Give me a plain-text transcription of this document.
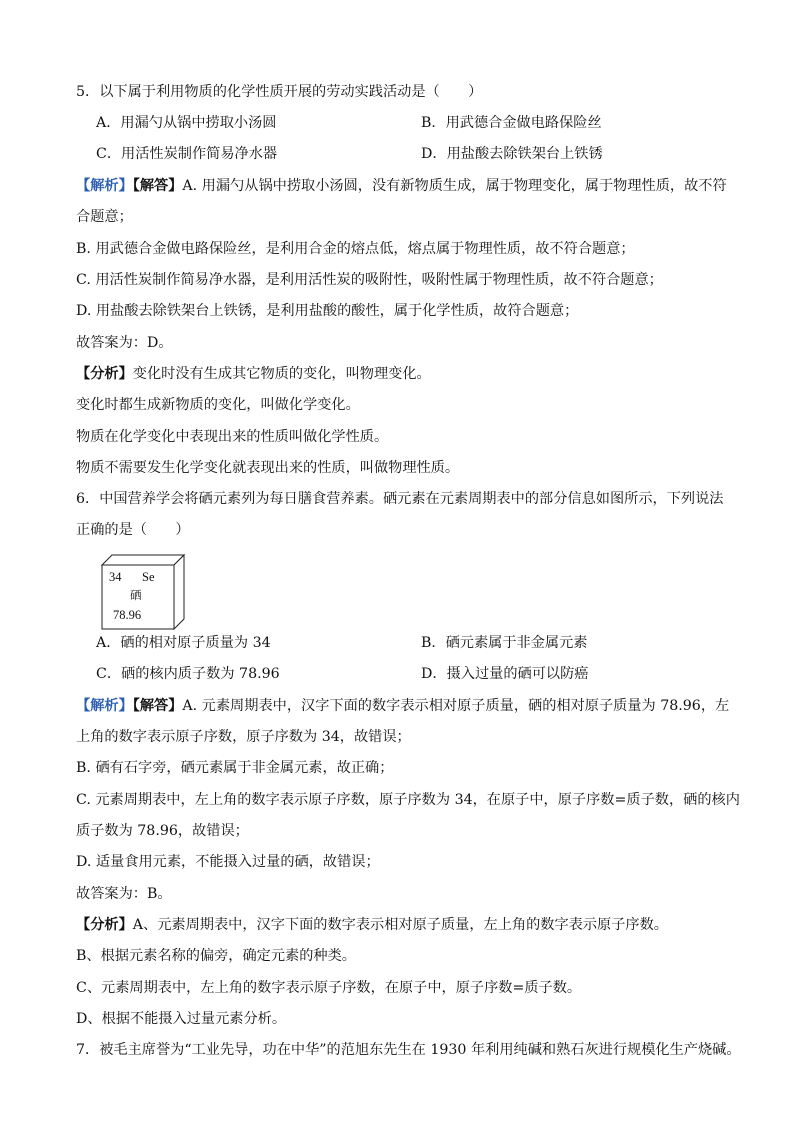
5．以下属于利用物质的化学性质开展的劳动实践活动是（　　）
A．用漏勺从锅中捞取小汤圆	B．用武德合金做电路保险丝
C．用活性炭制作简易净水器	D．用盐酸去除铁架台上铁锈
【解析】【解答】A. 用漏勺从锅中捞取小汤圆，没有新物质生成，属于物理变化，属于物理性质，故不符
合题意；
B. 用武德合金做电路保险丝，是利用合金的熔点低，熔点属于物理性质，故不符合题意；
C. 用活性炭制作简易净水器，是利用活性炭的吸附性，吸附性属于物理性质，故不符合题意；
D. 用盐酸去除铁架台上铁锈，是利用盐酸的酸性，属于化学性质，故符合题意；
故答案为：D。
【分析】变化时没有生成其它物质的变化，叫物理变化。
变化时都生成新物质的变化，叫做化学变化。
物质在化学变化中表现出来的性质叫做化学性质。
物质不需要发生化学变化就表现出来的性质，叫做物理性质。
6．中国营养学会将硒元素列为每日膳食营养素。硒元素在元素周期表中的部分信息如图所示，下列说法
正确的是（　　）
34 Se
硒
78.96
A．硒的相对原子质量为 34	B．硒元素属于非金属元素
C．硒的核内质子数为 78.96	D．摄入过量的硒可以防癌
【解析】【解答】A. 元素周期表中，汉字下面的数字表示相对原子质量，硒的相对原子质量为 78.96，左
上角的数字表示原子序数，原子序数为 34，故错误；
B. 硒有石字旁，硒元素属于非金属元素，故正确；
C. 元素周期表中，左上角的数字表示原子序数，原子序数为 34，在原子中，原子序数=质子数，硒的核内
质子数为 78.96，故错误；
D. 适量食用元素，不能摄入过量的硒，故错误；
故答案为：B。
【分析】A、元素周期表中，汉字下面的数字表示相对原子质量，左上角的数字表示原子序数。
B、根据元素名称的偏旁，确定元素的种类。
C、元素周期表中，左上角的数字表示原子序数，在原子中，原子序数=质子数。
D、根据不能摄入过量元素分析。
7．被毛主席誉为“工业先导，功在中华”的范旭东先生在 1930 年利用纯碱和熟石灰进行规模化生产烧碱。
